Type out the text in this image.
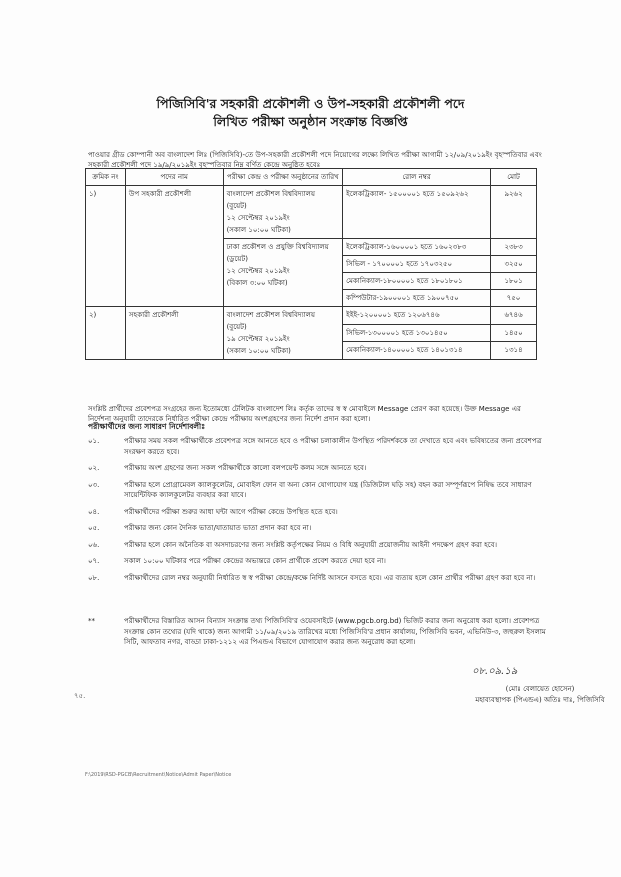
পিজিসিবি'র সহকারী প্রকৌশলী ও উপ-সহকারী প্রকৌশলী পদে
লিখিত পরীক্ষা অনুষ্ঠান সংক্রান্ত বিজ্ঞপ্তি
পাওয়ার গ্রীড কোম্পানী অব বাংলাদেশ লিঃ (পিজিসিবি)-তে উপ-সহকারী প্রকৌশলী পদে নিয়োগের লক্ষ্যে লিখিত পরীক্ষা আগামী ১২/০৯/২০১৯ইং বৃহস্পতিবার এবং সহকারী প্রকৌশলী পদে ১৯/৯/২০১৯ইং বৃহস্পতিবার নিম্ন বর্ণিত কেন্দ্রে অনুষ্ঠিত হবেঃ
ক্রমিক নং	পদের নাম	পরীক্ষা কেন্দ্র ও পরীক্ষা অনুষ্ঠানের তারিখ	রোল নম্বর	মোট
১)	উপ সহকারী প্রকৌশলী	বাংলাদেশ প্রকৌশল বিশ্ববিদ্যালয়
(বুয়েট)
১২ সেপ্টেম্বর ২০১৯ইং
(সকাল ১০:০০ ঘটিকা)	ইলেকট্রিক্যাল- ১৫০০০০১ হতে ১৫০৯২৬২	৯২৬২

		ঢাকা প্রকৌশল ও প্রযুক্তি বিশ্ববিদ্যালয়
(ডুয়েট)
১২ সেপ্টেম্বর ২০১৯ইং
(বিকাল ৩:০০ ঘটিকা)	ইলেকট্রিক্যাল-১৬০০০০১ হতে ১৬০২৩৮৩	২৩৮৩
			সিভিল - ১৭০০০০১ হতে ১৭০৩২৫০	৩২৫০
			মেকানিক্যাল-১৮০০০০১ হতে ১৮০১৮০১	১৮০১
			কম্পিউটার-১৯০০০০১ হতে ১৯০০৭৫০	৭৫০
২)	সহকারী প্রকৌশলী	বাংলাদেশ প্রকৌশল বিশ্ববিদ্যালয়
(বুয়েট)
১৯ সেপ্টেম্বর ২০১৯ইং
(সকাল ১০:০০ ঘটিকা)	ইইই-১২০০০০১ হতে ১২০৬৭৪৬	৬৭৪৬
			সিভিল-১৩০০০০১ হতে ১৩০১৪৫০	১৪৫০
			মেকানিক্যাল-১৪০০০০১ হতে ১৪০১৩১৪	১৩১৪
সংশ্লিষ্ট প্রার্থীদের প্রবেশপত্র সংগ্রহের জন্য ইতোমধ্যে টেলিটক বাংলাদেশ লিঃ কর্তৃক তাদের স্ব স্ব মোবাইলে Message প্রেরণ করা হয়েছে। উক্ত Message এর নির্দেশনা অনুযায়ী তাদেরকে নির্ধারিত পরীক্ষা কেন্দ্রে পরীক্ষায় অংশগ্রহণের জন্য নির্দেশ প্রদান করা হলো।
পরীক্ষার্থীদের জন্য সাধারণ নির্দেশাবলীঃ
০১.	পরীক্ষার সময় সকল পরীক্ষার্থীকে প্রবেশপত্র সঙ্গে আনতে হবে ও পরীক্ষা চলাকালীন উপস্থিত পরিদর্শককে তা দেখাতে হবে এবং ভবিষ্যতের জন্য প্রবেশপত্র সংরক্ষণ করতে হবে।
০২.	পরীক্ষায় অংশ গ্রহণের জন্য সকল পরীক্ষার্থীকে কালো বলপয়েন্ট কলম সঙ্গে আনতে হবে।
০৩.	পরীক্ষার হলে প্রোগ্রামেবল ক্যালকুলেটর, মোবাইল ফোন বা অন্য কোন যোগাযোগ যন্ত্র (ডিজিটাল ঘড়ি সহ) বহন করা সম্পূর্ণরূপে নিষিদ্ধ তবে সাধারণ সায়েন্টিফিক ক্যালকুলেটর ব্যবহার করা যাবে।
০৪.	পরীক্ষার্থীদের পরীক্ষা শুরুর আধা ঘন্টা আগে পরীক্ষা কেন্দ্রে উপস্থিত হতে হবে।
০৫.	পরীক্ষার জন্য কোন দৈনিক ভাতা/যাতায়াত ভাতা প্রদান করা হবে না।
০৬.	পরীক্ষার হলে কোন অনৈতিক বা অসদাচরণের জন্য সংশ্লিষ্ট কর্তৃপক্ষের নিয়ম ও বিধি অনুযায়ী প্রয়োজনীয় আইনী পদক্ষেপ গ্রহণ করা হবে।
০৭.	সকাল ১০:০০ ঘটিকার পরে পরীক্ষা কেন্দ্রের অভ্যন্তরে কোন প্রার্থীকে প্রবেশ করতে দেয়া হবে না।
০৮.	পরীক্ষার্থীদের রোল নম্বর অনুযায়ী নির্ধারিত স্ব স্ব পরীক্ষা কেন্দ্রে/কক্ষে নির্দিষ্ট আসনে বসতে হবে। এর ব্যত্যয় হলে কোন প্রার্থীর পরীক্ষা গ্রহণ করা হবে না।
**	পরীক্ষার্থীদের বিস্তারিত আসন বিন্যাস সংক্রান্ত তথ্য পিজিসিবি'র ওয়েবসাইটে (www.pgcb.org.bd) ভিজিট করার জন্য অনুরোধ করা হলো। প্রবেশপত্র সংক্রান্ত কোন তথ্যের (যদি থাকে) জন্য আগামী ১১/০৯/২০১৯ তারিখের মধ্যে পিজিসিবি'র প্রধান কার্যালয়, পিজিসিবি ভবন, এভিনিউ-৩, জহুরুল ইসলাম সিটি, আফতাব নগর, বাড্ডা ঢাকা-১২১২ এর পিএন্ডএ বিভাগে যোগাযোগ করার জন্য অনুরোধ করা হলো।
০৮.০৯.১৯
(মোঃ বেলায়েত হোসেন)
মহাব্যবস্থাপক (পিএন্ডএ) অতিঃ দাঃ, পিজিসিবি
৭৫.
F:\2019\RSD-PGCB\Recruitment\Notice\Admit Paper\Notice
